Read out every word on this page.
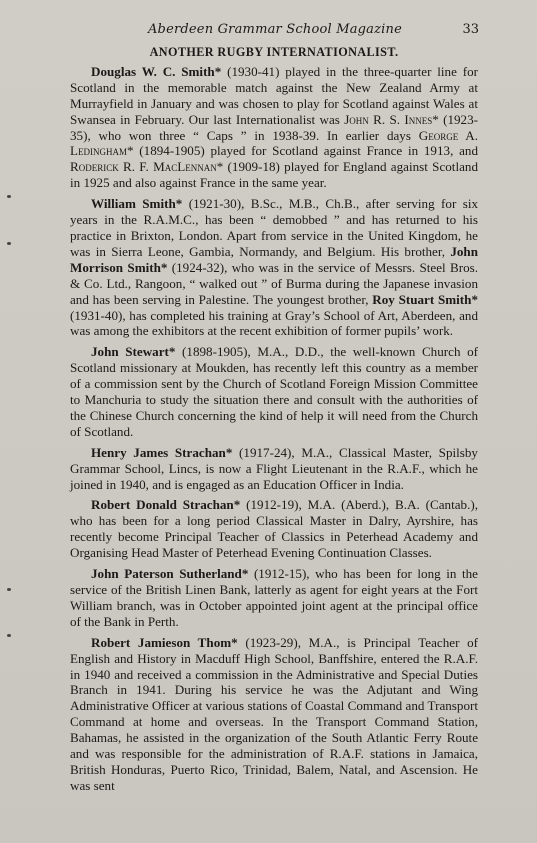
Aberdeen Grammar School Magazine	33
ANOTHER RUGBY INTERNATIONALIST.

Douglas W. C. Smith* (1930-41) played in the three-quarter line for Scotland in the memorable match against the New Zealand Army at Murrayfield in January and was chosen to play for Scotland against Wales at Swansea in February. Our last Internationalist was John R. S. Innes* (1923-35), who won three “ Caps ” in 1938-39. In earlier days George A. Ledingham* (1894-1905) played for Scotland against France in 1913, and Roderick R. F. MacLennan* (1909-18) played for England against Scotland in 1925 and also against France in the same year.

William Smith* (1921-30), B.Sc., M.B., Ch.B., after serving for six years in the R.A.M.C., has been “ demobbed ” and has returned to his practice in Brixton, London. Apart from service in the United Kingdom, he was in Sierra Leone, Gambia, Normandy, and Belgium. His brother, John Morrison Smith* (1924-32), who was in the service of Messrs. Steel Bros. & Co. Ltd., Rangoon, “ walked out ” of Burma during the Japanese invasion and has been serving in Palestine. The youngest brother, Roy Stuart Smith* (1931-40), has completed his training at Gray’s School of Art, Aberdeen, and was among the exhibitors at the recent exhibition of former pupils’ work.

John Stewart* (1898-1905), M.A., D.D., the well-known Church of Scotland missionary at Moukden, has recently left this country as a member of a commission sent by the Church of Scotland Foreign Mission Committee to Manchuria to study the situation there and consult with the authorities of the Chinese Church concerning the kind of help it will need from the Church of Scotland.

Henry James Strachan* (1917-24), M.A., Classical Master, Spilsby Grammar School, Lincs, is now a Flight Lieutenant in the R.A.F., which he joined in 1940, and is engaged as an Education Officer in India.

Robert Donald Strachan* (1912-19), M.A. (Aberd.), B.A. (Cantab.), who has been for a long period Classical Master in Dalry, Ayrshire, has recently become Principal Teacher of Classics in Peterhead Academy and Organising Head Master of Peterhead Evening Continuation Classes.

John Paterson Sutherland* (1912-15), who has been for long in the service of the British Linen Bank, latterly as agent for eight years at the Fort William branch, was in October appointed joint agent at the principal office of the Bank in Perth.

Robert Jamieson Thom* (1923-29), M.A., is Principal Teacher of English and History in Macduff High School, Banffshire, entered the R.A.F. in 1940 and received a commission in the Administrative and Special Duties Branch in 1941. During his service he was the Adjutant and Wing Administrative Officer at various stations of Coastal Command and Transport Command at home and overseas. In the Transport Command Station, Bahamas, he assisted in the organization of the South Atlantic Ferry Route and was responsible for the administration of R.A.F. stations in Jamaica, British Honduras, Puerto Rico, Trinidad, Balem, Natal, and Ascension. He was sent
